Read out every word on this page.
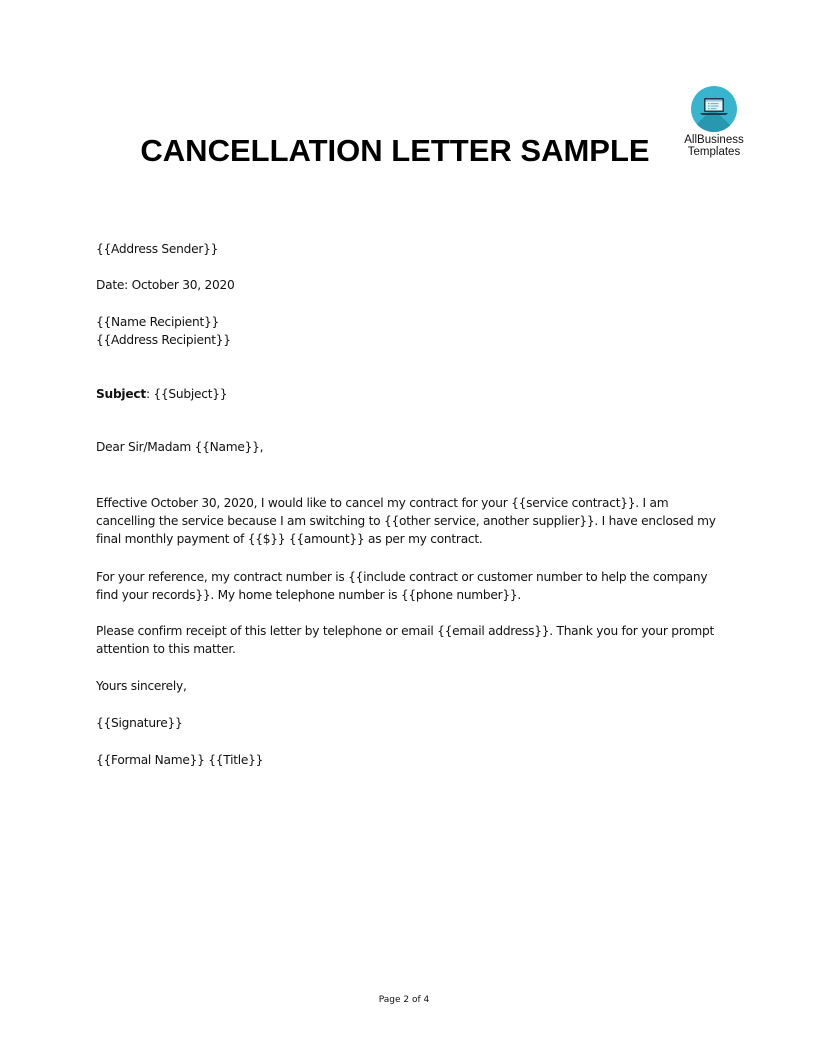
AllBusiness
Templates
CANCELLATION LETTER SAMPLE
{{Address Sender}}
Date: October 30, 2020
{{Name Recipient}}
{{Address Recipient}}
Subject: {{Subject}}
Dear Sir/Madam {{Name}},
Effective October 30, 2020, I would like to cancel my contract for your {{service contract}}. I am cancelling the service because I am switching to {{other service, another supplier}}. I have enclosed my final monthly payment of {{$}} {{amount}} as per my contract.
For your reference, my contract number is {{include contract or customer number to help the company find your records}}. My home telephone number is {{phone number}}.
Please confirm receipt of this letter by telephone or email {{email address}}. Thank you for your prompt attention to this matter.
Yours sincerely,
{{Signature}}
{{Formal Name}} {{Title}}
Page 2 of 4
